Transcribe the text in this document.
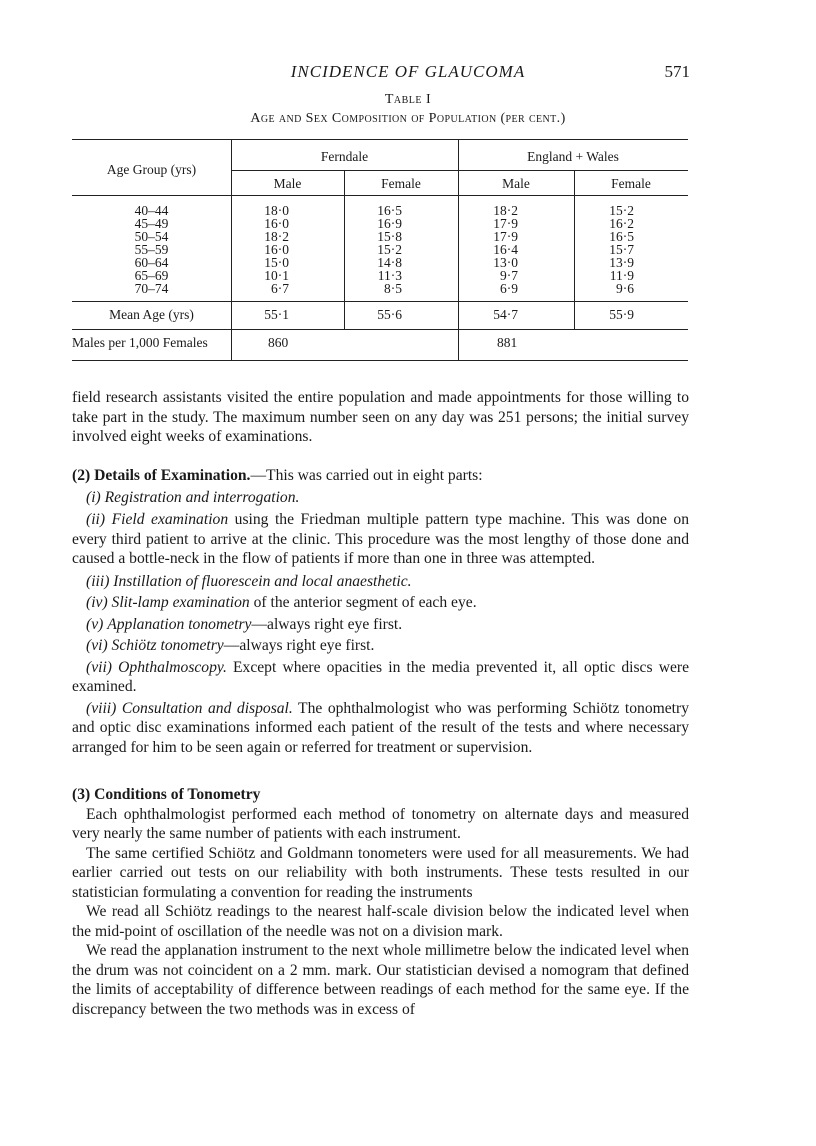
INCIDENCE OF GLAUCOMA	571
Table I
Age and Sex Composition of Population (per cent.)
Age Group (yrs)
Ferndale	England + Wales
Male	Female	Male	Female
40–44	18·0	16·5	18·2	15·2
45–49	16·0	16·9	17·9	16·2
50–54	18·2	15·8	17·9	16·5
55–59	16·0	15·2	16·4	15·7
60–64	15·0	14·8	13·0	13·9
65–69	10·1	11·3	9·7	11·9
70–74	6·7	8·5	6·9	9·6
Mean Age (yrs)	55·1	55·6	54·7	55·9
Males per 1,000 Females	860	881

field research assistants visited the entire population and made appointments for those willing to take part in the study. The maximum number seen on any day was 251 persons; the initial survey involved eight weeks of examinations.

(2) Details of Examination.—This was carried out in eight parts:

(i) Registration and interrogation.

(ii) Field examination using the Friedman multiple pattern type machine. This was done on every third patient to arrive at the clinic. This procedure was the most lengthy of those done and caused a bottle-neck in the flow of patients if more than one in three was attempted.

(iii) Instillation of fluorescein and local anaesthetic.

(iv) Slit-lamp examination of the anterior segment of each eye.

(v) Applanation tonometry—always right eye first.

(vi) Schiötz tonometry—always right eye first.

(vii) Ophthalmoscopy. Except where opacities in the media prevented it, all optic discs were examined.

(viii) Consultation and disposal. The ophthalmologist who was performing Schiötz tonometry and optic disc examinations informed each patient of the result of the tests and where necessary arranged for him to be seen again or referred for treatment or supervision.

(3) Conditions of Tonometry

Each ophthalmologist performed each method of tonometry on alternate days and measured very nearly the same number of patients with each instrument.

The same certified Schiötz and Goldmann tonometers were used for all measurements. We had earlier carried out tests on our reliability with both instruments. These tests resulted in our statistician formulating a convention for reading the instruments

We read all Schiötz readings to the nearest half-scale division below the indicated level when the mid-point of oscillation of the needle was not on a division mark.

We read the applanation instrument to the next whole millimetre below the indicated level when the drum was not coincident on a 2 mm. mark. Our statistician devised a nomogram that defined the limits of acceptability of difference between readings of each method for the same eye. If the discrepancy between the two methods was in excess of
